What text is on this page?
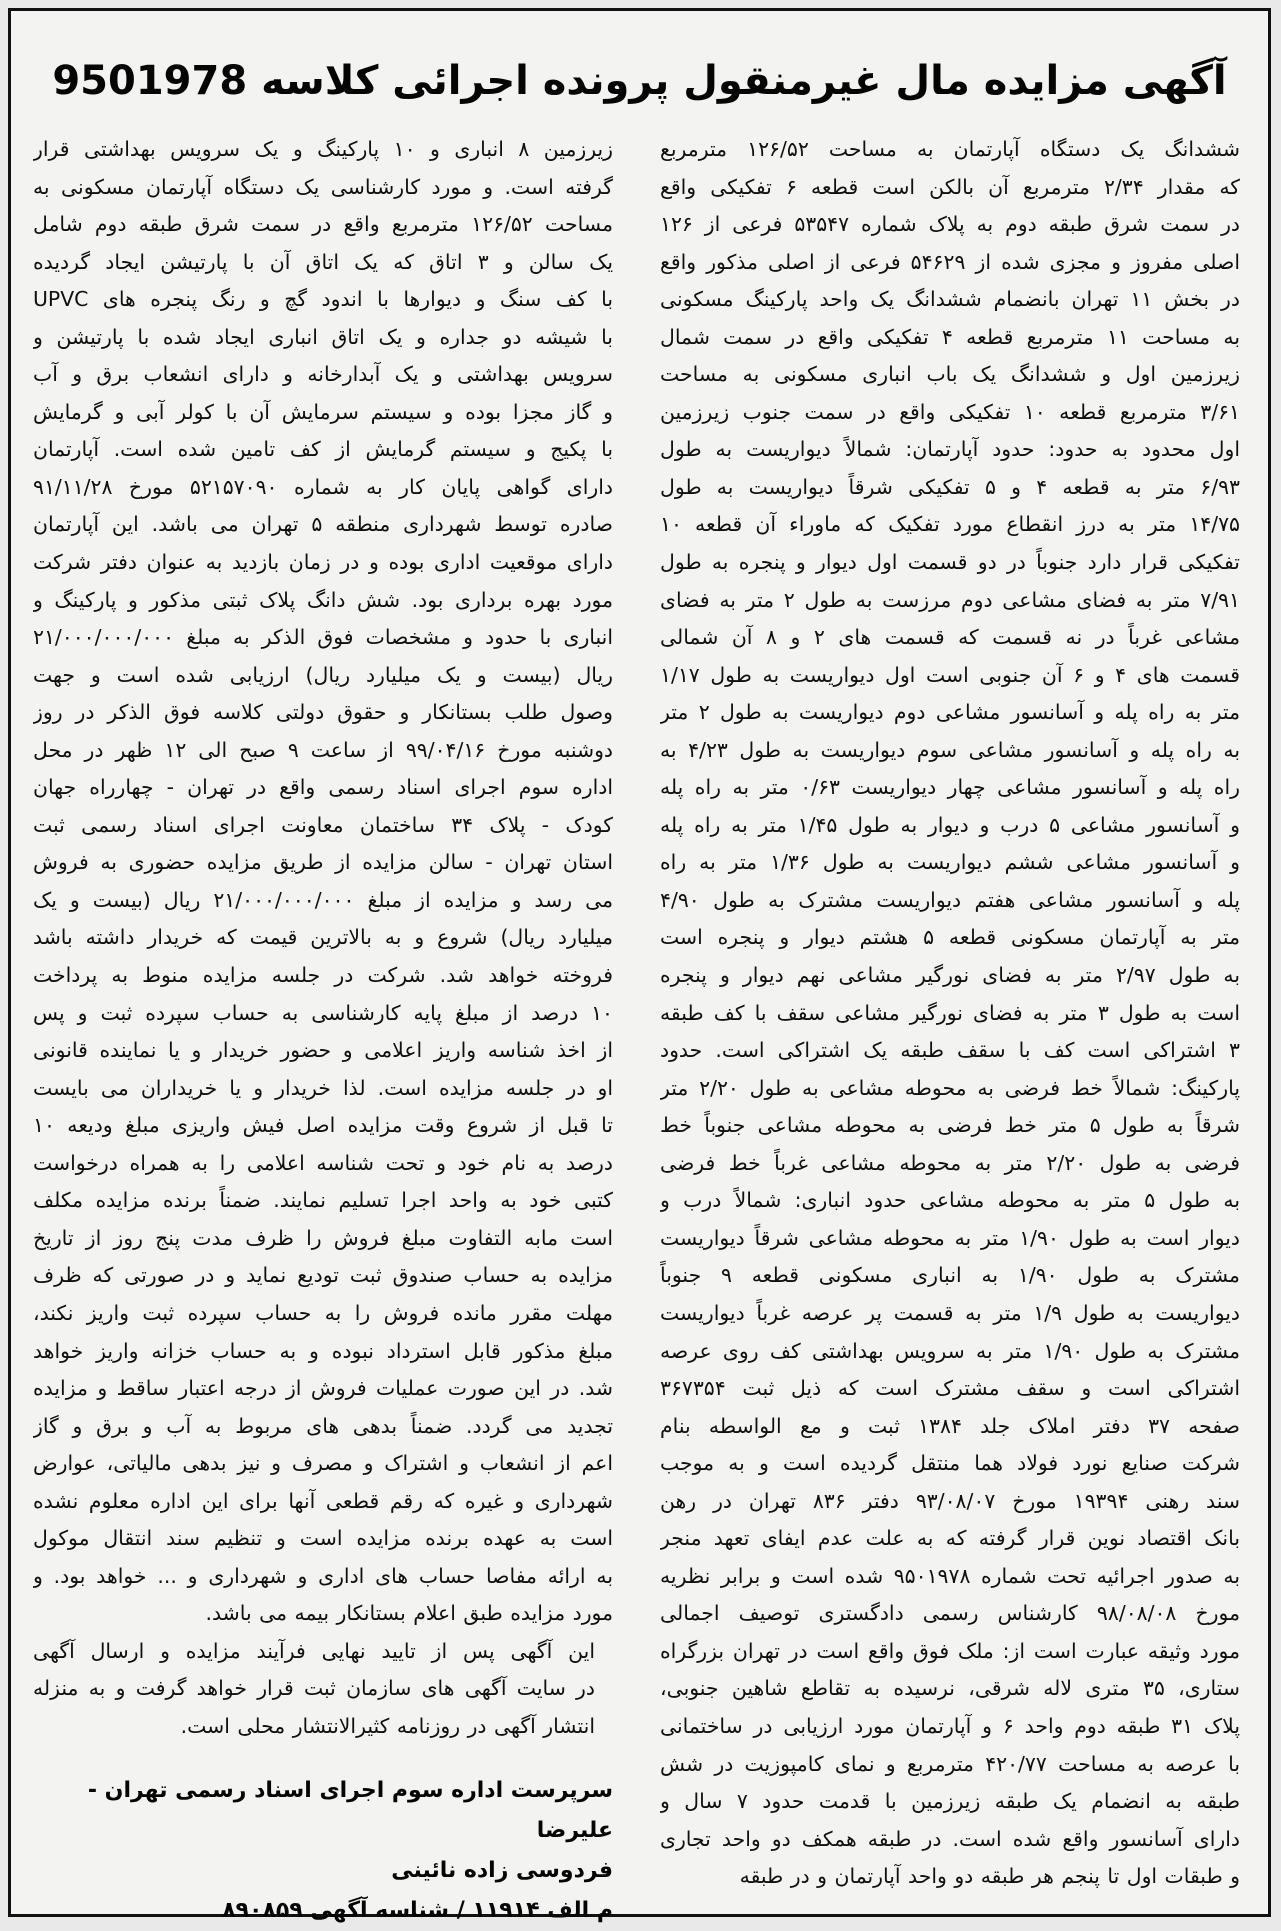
آگهی مزایده مال غیرمنقول پرونده اجرائی کلاسه 9501978
ششدانگ یک دستگاه آپارتمان به مساحت ۱۲۶/۵۲ مترمربع
که مقدار ۲/۳۴ مترمربع آن بالکن است قطعه ۶ تفکیکی واقع
در سمت شرق طبقه دوم به پلاک شماره ۵۳۵۴۷ فرعی از ۱۲۶
اصلی مفروز و مجزی شده از ۵۴۶۲۹ فرعی از اصلی مذکور واقع
در بخش ۱۱ تهران بانضمام ششدانگ یک واحد پارکینگ مسکونی
به مساحت ۱۱ مترمربع قطعه ۴ تفکیکی واقع در سمت شمال
زیرزمین اول و ششدانگ یک باب انباری مسکونی به مساحت
۳/۶۱ مترمربع قطعه ۱۰ تفکیکی واقع در سمت جنوب زیرزمین
اول محدود به حدود: حدود آپارتمان: شمالاً دیواریست به طول
۶/۹۳ متر به قطعه ۴ و ۵ تفکیکی شرقاً دیواریست به طول
۱۴/۷۵ متر به درز انقطاع مورد تفکیک که ماوراء آن قطعه ۱۰
تفکیکی قرار دارد جنوباً در دو قسمت اول دیوار و پنجره به طول
۷/۹۱ متر به فضای مشاعی دوم مرزست به طول ۲ متر به فضای
مشاعی غرباً در نه قسمت که قسمت های ۲ و ۸ آن شمالی
قسمت های ۴ و ۶ آن جنوبی است اول دیواریست به طول ۱/۱۷
متر به راه پله و آسانسور مشاعی دوم دیواریست به طول ۲ متر
به راه پله و آسانسور مشاعی سوم دیواریست به طول ۴/۲۳ به
راه پله و آسانسور مشاعی چهار دیواریست ۰/۶۳ متر به راه پله
و آسانسور مشاعی ۵ درب و دیوار به طول ۱/۴۵ متر به راه پله
و آسانسور مشاعی ششم دیواریست به طول ۱/۳۶ متر به راه
پله و آسانسور مشاعی هفتم دیواریست مشترک به طول ۴/۹۰
متر به آپارتمان مسکونی قطعه ۵ هشتم دیوار و پنجره است
به طول ۲/۹۷ متر به فضای نورگیر مشاعی نهم دیوار و پنجره
است به طول ۳ متر به فضای نورگیر مشاعی سقف با کف طبقه
۳ اشتراکی است کف با سقف طبقه یک اشتراکی است. حدود
پارکینگ: شمالاً خط فرضی به محوطه مشاعی به طول ۲/۲۰ متر
شرقاً به طول ۵ متر خط فرضی به محوطه مشاعی جنوباً خط
فرضی به طول ۲/۲۰ متر به محوطه مشاعی غرباً خط فرضی
به طول ۵ متر به محوطه مشاعی حدود انباری: شمالاً درب و
دیوار است به طول ۱/۹۰ متر به محوطه مشاعی شرقاً دیواریست
مشترک به طول ۱/۹۰ به انباری مسکونی قطعه ۹ جنوباً
دیواریست به طول ۱/۹ متر به قسمت پر عرصه غرباً دیواریست
مشترک به طول ۱/۹۰ متر به سرویس بهداشتی کف روی عرصه
اشتراکی است و سقف مشترک است که ذیل ثبت ۳۶۷۳۵۴
صفحه ۳۷ دفتر املاک جلد ۱۳۸۴ ثبت و مع الواسطه بنام
شرکت صنایع نورد فولاد هما منتقل گردیده است و به موجب
سند رهنی ۱۹۳۹۴ مورخ ۹۳/۰۸/۰۷ دفتر ۸۳۶ تهران در رهن
بانک اقتصاد نوین قرار گرفته که به علت عدم ایفای تعهد منجر
به صدور اجرائیه تحت شماره ۹۵۰۱۹۷۸ شده است و برابر نظریه
مورخ ۹۸/۰۸/۰۸ کارشناس رسمی دادگستری توصیف اجمالی
مورد وثیقه عبارت است از: ملک فوق واقع است در تهران بزرگراه
ستاری، ۳۵ متری لاله شرقی، نرسیده به تقاطع شاهین جنوبی،
پلاک ۳۱ طبقه دوم واحد ۶ و آپارتمان مورد ارزیابی در ساختمانی
با عرصه به مساحت ۴۲۰/۷۷ مترمربع و نمای کامپوزیت در شش
طبقه به انضمام یک طبقه زیرزمین با قدمت حدود ۷ سال و
دارای آسانسور واقع شده است. در طبقه همکف دو واحد تجاری
و طبقات اول تا پنجم هر طبقه دو واحد آپارتمان و در طبقه
زیرزمین ۸ انباری و ۱۰ پارکینگ و یک سرویس بهداشتی قرار
گرفته است. و مورد کارشناسی یک دستگاه آپارتمان مسکونی به
مساحت ۱۲۶/۵۲ مترمربع واقع در سمت شرق طبقه دوم شامل
یک سالن و ۳ اتاق که یک اتاق آن با پارتیشن ایجاد گردیده
با کف سنگ و دیوارها با اندود گچ و رنگ پنجره های UPVC
با شیشه دو جداره و یک اتاق انباری ایجاد شده با پارتیشن و
سرویس بهداشتی و یک آبدارخانه و دارای انشعاب برق و آب
و گاز مجزا بوده و سیستم سرمایش آن با کولر آبی و گرمایش
با پکیج و سیستم گرمایش از کف تامین شده است. آپارتمان
دارای گواهی پایان کار به شماره ۵۲۱۵۷۰۹۰ مورخ ۹۱/۱۱/۲۸
صادره توسط شهرداری منطقه ۵ تهران می باشد. این آپارتمان
دارای موقعیت اداری بوده و در زمان بازدید به عنوان دفتر شرکت
مورد بهره برداری بود. شش دانگ پلاک ثبتی مذکور و پارکینگ و
انباری با حدود و مشخصات فوق الذکر به مبلغ ۲۱/۰۰۰/۰۰۰/۰۰۰
ریال (بیست و یک میلیارد ریال) ارزیابی شده است و جهت
وصول طلب بستانکار و حقوق دولتی کلاسه فوق الذکر در روز
دوشنبه مورخ ۹۹/۰۴/۱۶ از ساعت ۹ صبح الی ۱۲ ظهر در محل
اداره سوم اجرای اسناد رسمی واقع در تهران - چهارراه جهان
کودک - پلاک ۳۴ ساختمان معاونت اجرای اسناد رسمی ثبت
استان تهران - سالن مزایده از طریق مزایده حضوری به فروش
می رسد و مزایده از مبلغ ۲۱/۰۰۰/۰۰۰/۰۰۰ ریال (بیست و یک
میلیارد ریال) شروع و به بالاترین قیمت که خریدار داشته باشد
فروخته خواهد شد. شرکت در جلسه مزایده منوط به پرداخت
۱۰ درصد از مبلغ پایه کارشناسی به حساب سپرده ثبت و پس
از اخذ شناسه واریز اعلامی و حضور خریدار و یا نماینده قانونی
او در جلسه مزایده است. لذا خریدار و یا خریداران می بایست
تا قبل از شروع وقت مزایده اصل فیش واریزی مبلغ ودیعه ۱۰
درصد به نام خود و تحت شناسه اعلامی را به همراه درخواست
کتبی خود به واحد اجرا تسلیم نمایند. ضمناً برنده مزایده مکلف
است مابه التفاوت مبلغ فروش را ظرف مدت پنج روز از تاریخ
مزایده به حساب صندوق ثبت توديع نماید و در صورتی که ظرف
مهلت مقرر مانده فروش را به حساب سپرده ثبت واریز نکند،
مبلغ مذکور قابل استرداد نبوده و به حساب خزانه واریز خواهد
شد. در این صورت عملیات فروش از درجه اعتبار ساقط و مزایده
تجدید می گردد. ضمناً بدهی های مربوط به آب و برق و گاز
اعم از انشعاب و اشتراک و مصرف و نیز بدهی مالیاتی، عوارض
شهرداری و غیره که رقم قطعی آنها برای این اداره معلوم نشده
است به عهده برنده مزایده است و تنظیم سند انتقال موکول
به ارائه مفاصا حساب های اداری و شهرداری و ... خواهد بود. و
مورد مزایده طبق اعلام بستانکار بیمه می باشد.
این آگهی پس از تایید نهایی فرآیند مزایده و ارسال آگهی
در سایت آگهی های سازمان ثبت قرار خواهد گرفت و به منزله
انتشار آگهی در روزنامه کثیرالانتشار محلی است.
سرپرست اداره سوم اجرای اسناد رسمی تهران - علیرضا
فردوسی زاده نائینی
م الف ۱۱۹۱۴ / شناسه آگهی ۸۹۰۸۵۹
